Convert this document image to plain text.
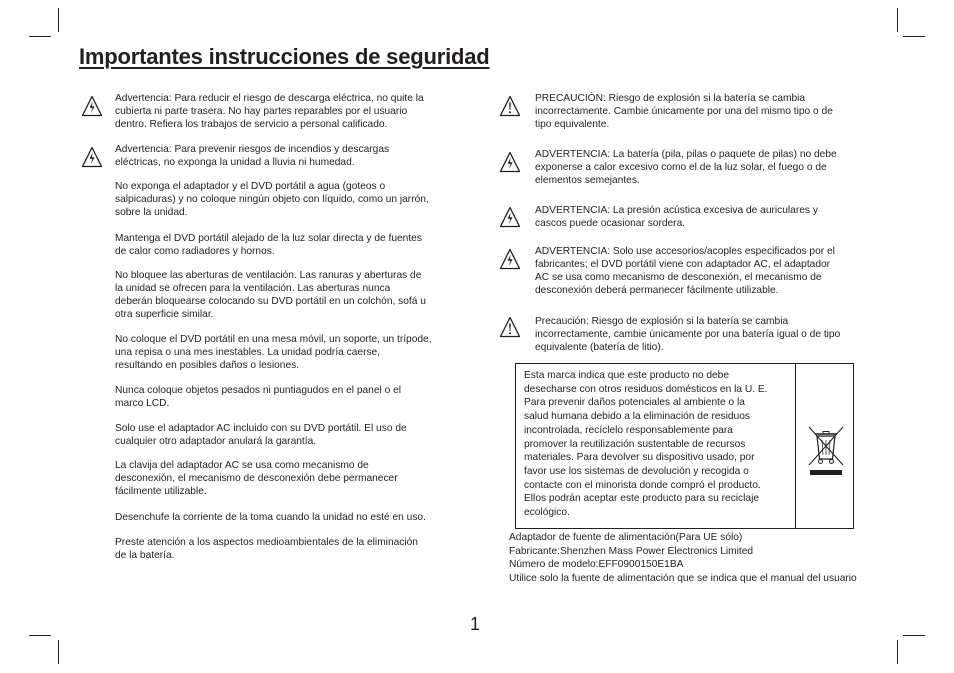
Importantes instrucciones de seguridad

Advertencia: Para reducir el riesgo de descarga eléctrica, no quite la
cubierta ni parte trasera. No hay partes reparables por el usuario
dentro. Refiera los trabajos de servicio a personal calificado.

Advertencia: Para prevenir riesgos de incendios y descargas
eléctricas, no exponga la unidad a lluvia ni humedad.

No exponga el adaptador y el DVD portátil a agua (goteos o
salpicaduras) y no coloque ningún objeto con líquido, como un jarrón,
sobre la unidad.

Mantenga el DVD portátil alejado de la luz solar directa y de fuentes
de calor como radiadores y hornos.

No bloquee las aberturas de ventilación. Las ranuras y aberturas de
la unidad se ofrecen para la ventilación. Las aberturas nunca
deberán bloquearse colocando su DVD portátil en un colchón, sofá u
otra superficie similar.

No coloque el DVD portátil en una mesa móvil, un soporte, un trípode,
una repisa o una mes inestables. La unidad podría caerse,
resultando en posibles daños o lesiones.

Nunca coloque objetos pesados ni puntiagudos en el panel o el
marco LCD.

Solo use el adaptador AC incluido con su DVD portátil. El uso de
cualquier otro adaptador anulará la garantía.

La clavija del adaptador AC se usa como mecanismo de
desconexión, el mecanismo de desconexión debe permanecer
fácilmente utilizable.

Desenchufe la corriente de la toma cuando la unidad no esté en uso.

Preste atención a los aspectos medioambientales de la eliminación
de la batería.

PRECAUCIÓN: Riesgo de explosión si la batería se cambia
incorrectamente. Cambie únicamente por una del mismo tipo o de
tipo equivalente.

ADVERTENCIA: La batería (pila, pilas o paquete de pilas) no debe
exponerse a calor excesivo como el de la luz solar, el fuego o de
elementos semejantes.

ADVERTENCIA: La presión acústica excesiva de auriculares y
cascos puede ocasionar sordera.

ADVERTENCIA: Solo use accesorios/acoples especificados por el
fabricantes; el DVD portátil viene con adaptador AC, el adaptador
AC se usa como mecanismo de desconexión, el mecanismo de
desconexión deberá permanecer fácilmente utilizable.

Precaución: Riesgo de explosión si la batería se cambia
incorrectamente, cambie únicamente por una batería igual o de tipo
equivalente (batería de litio).

Esta marca indica que este producto no debe
desecharse con otros residuos domésticos en la U. E.
Para prevenir daños potenciales al ambiente o la
salud humana debido a la eliminación de residuos
incontrolada, recíclelo responsablemente para
promover la reutilización sustentable de recursos
materiales. Para devolver su dispositivo usado, por
favor use los sistemas de devolución y recogida o
contacte con el minorista donde compró el producto.
Ellos podrán aceptar este producto para su reciclaje
ecológico.

Adaptador de fuente de alimentación(Para UE sólo)

Fabricante:Shenzhen Mass Power Electronics Limited

Número de modelo:EFF0900150E1BA

Utilice solo la fuente de alimentación que se indica que el manual del usuario

1
